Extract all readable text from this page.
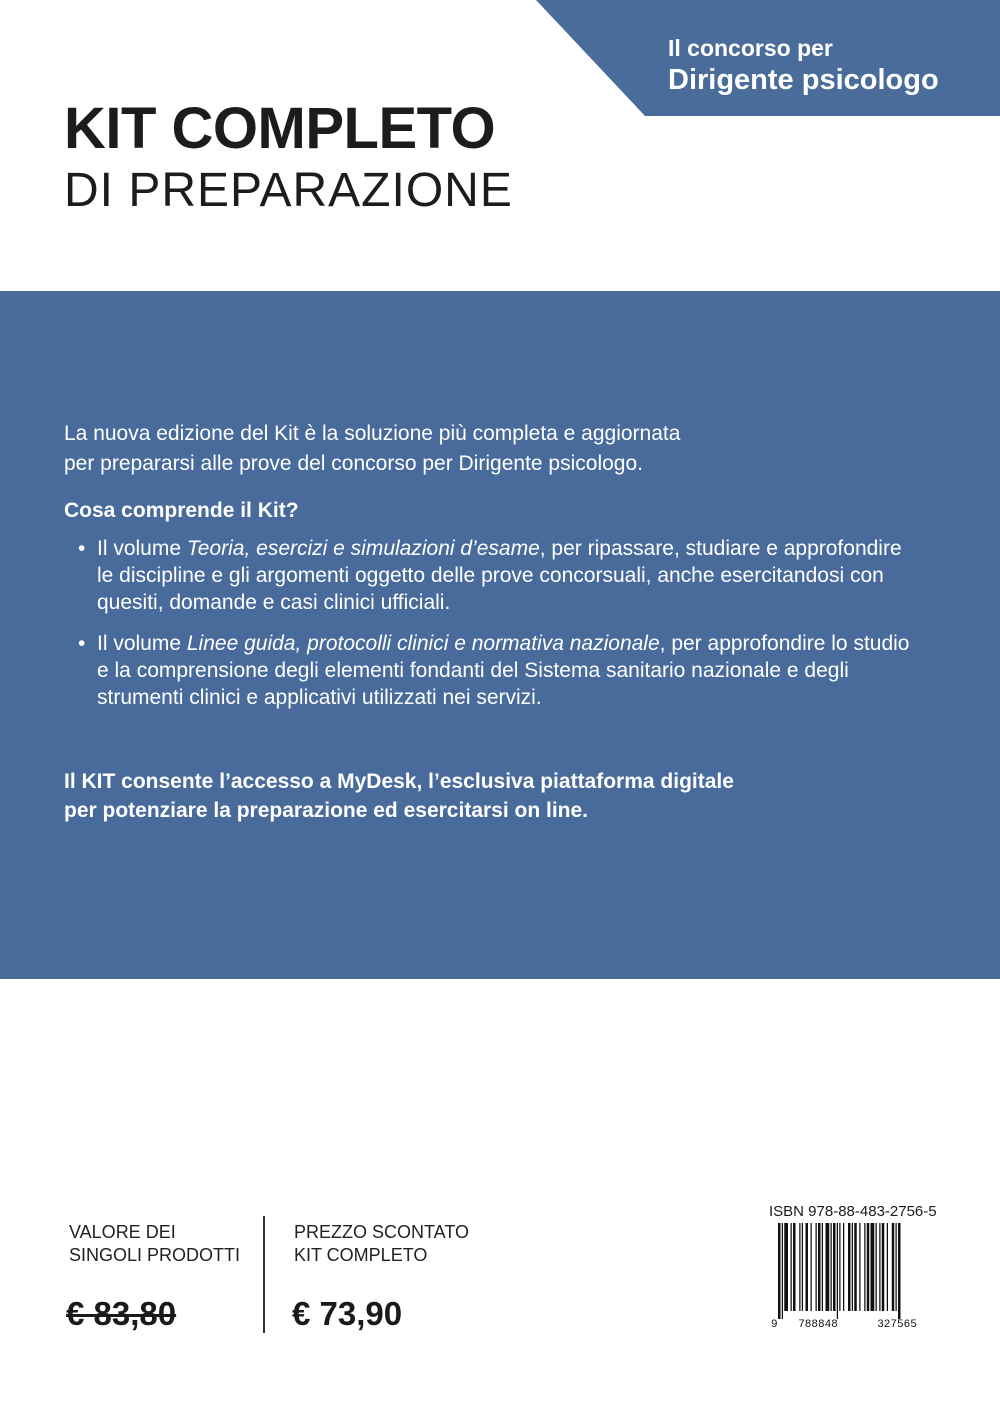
Il concorso per
Dirigente psicologo
KIT COMPLETO
DI PREPARAZIONE
La nuova edizione del Kit è la soluzione più completa e aggiornata
per prepararsi alle prove del concorso per Dirigente psicologo.
Cosa comprende il Kit?
• Il volume Teoria, esercizi e simulazioni d’esame, per ripassare, studiare e approfondire le discipline e gli argomenti oggetto delle prove concorsuali, anche esercitandosi con quesiti, domande e casi clinici ufficiali.
• Il volume Linee guida, protocolli clinici e normativa nazionale, per approfondire lo studio e la comprensione degli elementi fondanti del Sistema sanitario nazionale e degli strumenti clinici e applicativi utilizzati nei servizi.
Il KIT consente l’accesso a MyDesk, l’esclusiva piattaforma digitale
per potenziare la preparazione ed esercitarsi on line.
VALORE DEI
SINGOLI PRODOTTI
€ 83,80
PREZZO SCONTATO
KIT COMPLETO
€ 73,90
ISBN 978-88-483-2756-5
9 788848	327565
